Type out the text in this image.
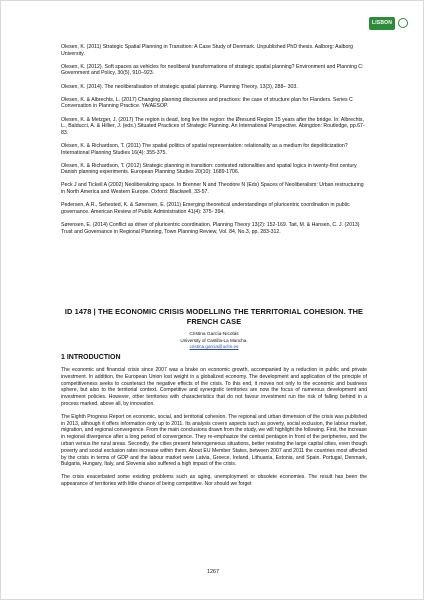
LISBON

Olesen, K. (2011) Strategic Spatial Planning in Transition: A Case Study of Denmark. Unpublished PhD thesis. Aalborg: Aalborg University.

Olesen, K. (2012). Soft spaces as vehicles for neoliberal transformations of strategic spatial planning? Environment and Planning C: Government and Policy, 30(5), 910–923.

Olesen, K. (2014). The neoliberalisation of strategic spatial planning. Planning Theory, 13(3), 288– 303.

Olesen, K. & Albrechts, L. (2017) Changing planning discourses and practices: the case of structure plan for Flanders. Series C Conversation in Planning Practice. YA/AESOP.

Olesen, K. & Metzger, J. (2017) The region is dead, long live the region: the Øresund Region 15 years after the bridge. In: Albrechts, L., Balducci, A. & Hillier, J. (eds.) Situated Practices of Strategic Planning. An International Perspective. Abingdon: Routledge, pp.67-83.

Olesen, K. & Richardson, T. (2011) The spatial politics of spatial representation: relationality as a medium for depoliticization? International Planning Studies 16(4): 355-375.

Olesen, K. & Richardson, T. (2012) Strategic planning in transition: contested rationalities and spatial logics in twenty-first century Danish planning experiments. European Planning Studies 20(10): 1689-1706.

Peck J and Tickell A (2002) Neoliberalizing space. In Brenner N and Theodore N (Eds) Spaces of Neoliberalism: Urban restructuring in North America and Western Europe. Oxford: Blackwell, 33-57.

Pedersen, A.R., Sehested, K. & Sørensen, E. (2011) Emerging theoretical understandings of pluricentric coordination in public governance. American Review of Public Administration 41(4): 375- 394.

Sørensen, E. (2014) Conflict as driver of pluricentric coordination. Planning Theory 13(2): 152-169. Tait, M. & Hansen, C. J. (2013) Trust and Governance in Regional Planning, Town Planning Review, Vol. 84, No.3, pp. 283-312.

ID 1478 | THE ECONOMIC CRISIS MODELLING THE TERRITORIAL COHESION. THE FRENCH CASE

Cristina García-Nicolás
University of Castilla-La Mancha.
cristina.garcia@uclm.es

1 INTRODUCTION

The economic and financial crisis since 2007 was a brake on economic growth, accompanied by a reduction in public and private investment. In addition, the European Union lost weight in a globalized economy. The development and application of the principle of competitiveness seeks to counteract the negative effects of the crisis. To this end, it moves not only to the economic and business sphere, but also to the territorial context. Competitive and synergistic territories are now the focus of numerous development and investment policies. However, other territories with characteristics that do not favour investment run the risk of falling behind in a process marked, above all, by innovation.

The Eighth Progress Report on economic, social, and territorial cohesion. The regional and urban dimension of the crisis was published in 2013, although it offers information only up to 2011. Its analysis covers aspects such as poverty, social exclusion, the labour market, migration, and regional convergence. From the main conclusions drawn from the study, we will highlight the following. First, the increase in regional divergence after a long period of convergence. They re-emphasize the central pentagon in front of the peripheries, and the urban versus the rural areas. Secondly, the cities present heterogeneous situations, better resisting the large capital cities, even though poverty and social exclusion rates increase within them. About EU Member States, between 2007 and 2011 the countries most affected by the crisis in terms of GDP and the labour market were Latvia, Greece, Ireland, Lithuania, Estonia, and Spain. Portugal, Denmark, Bulgaria, Hungary, Italy, and Slovenia also suffered a high impact of the crisis.

The crisis exacerbated some existing problems such as aging, unemployment or obsolete economies. The result has been the appearance of territories with little chance of being competitive. Nor should we forget

1267
